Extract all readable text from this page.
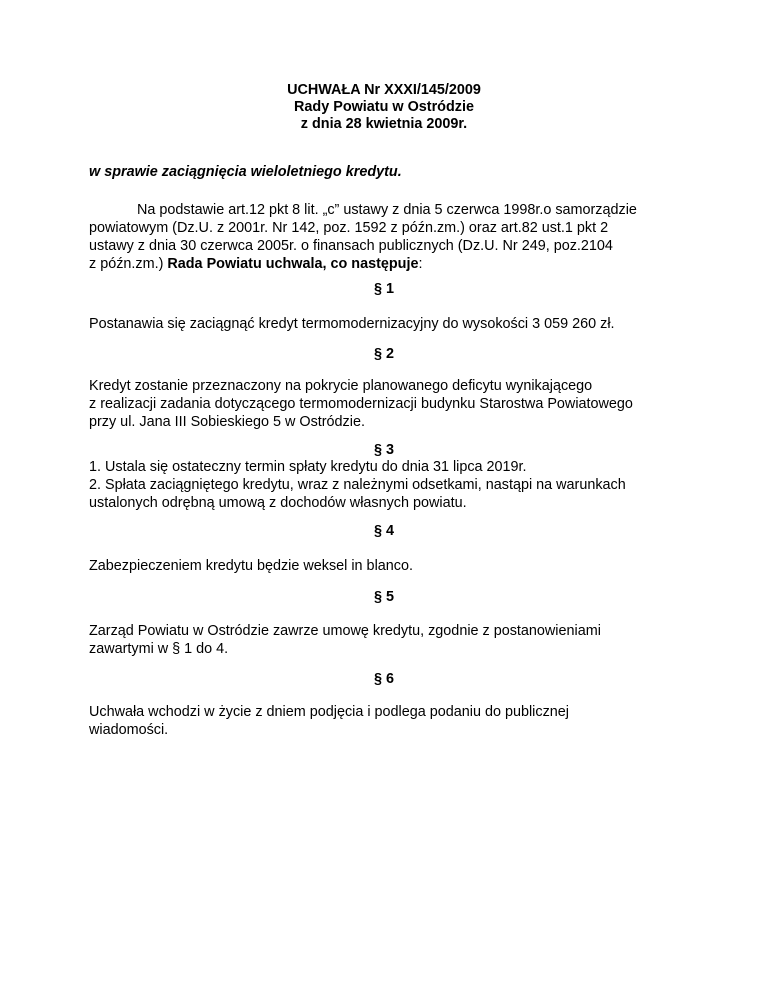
UCHWAŁA Nr XXXI/145/2009
Rady Powiatu w Ostródzie
z dnia 28 kwietnia 2009r.
w sprawie zaciągnięcia wieloletniego kredytu.
Na podstawie art.12 pkt 8 lit. „c” ustawy z dnia 5 czerwca 1998r.o samorządzie
powiatowym (Dz.U. z 2001r. Nr 142, poz. 1592 z późn.zm.) oraz art.82 ust.1 pkt 2
ustawy z dnia 30 czerwca 2005r. o finansach publicznych (Dz.U. Nr 249, poz.2104
z późn.zm.) Rada Powiatu uchwala, co następuje:
§ 1
Postanawia się zaciągnąć kredyt termomodernizacyjny do wysokości 3 059 260 zł.
§ 2
Kredyt zostanie przeznaczony na pokrycie planowanego deficytu wynikającego
z realizacji zadania dotyczącego termomodernizacji budynku Starostwa Powiatowego
przy ul. Jana III Sobieskiego 5 w Ostródzie.
§ 3
1. Ustala się ostateczny termin spłaty kredytu do dnia 31 lipca 2019r.
2. Spłata zaciągniętego kredytu, wraz z należnymi odsetkami, nastąpi na warunkach
ustalonych odrębną umową z dochodów własnych powiatu.
§ 4
Zabezpieczeniem kredytu będzie weksel in blanco.
§ 5
Zarząd Powiatu w Ostródzie zawrze umowę kredytu, zgodnie z postanowieniami
zawartymi w § 1 do 4.
§ 6
Uchwała wchodzi w życie z dniem podjęcia i podlega podaniu do publicznej
wiadomości.
